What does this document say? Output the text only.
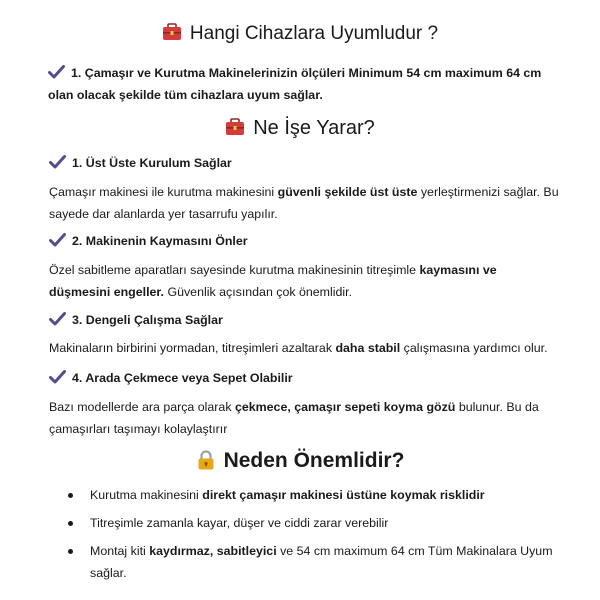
Hangi Cihazlara Uyumludur ?
1. Çamaşır ve Kurutma Makinelerinizin ölçüleri Minimum 54 cm maximum 64 cm olan olacak şekilde tüm cihazlara uyum sağlar.
Ne İşe Yarar?
1. Üst Üste Kurulum Sağlar
Çamaşır makinesi ile kurutma makinesini güvenli şekilde üst üste yerleştirmenizi sağlar. Bu sayede dar alanlarda yer tasarrufu yapılır.
2. Makinenin Kaymasını Önler
Özel sabitleme aparatları sayesinde kurutma makinesinin titreşimle kaymasını ve düşmesini engeller. Güvenlik açısından çok önemlidir.
3. Dengeli Çalışma Sağlar
Makinaların birbirini yormadan, titreşimleri azaltarak daha stabil çalışmasına yardımcı olur.
4. Arada Çekmece veya Sepet Olabilir
Bazı modellerde ara parça olarak çekmece, çamaşır sepeti koyma gözü bulunur. Bu da çamaşırları taşımayı kolaylaştırır
Neden Önemlidir?
Kurutma makinesini direkt çamaşır makinesi üstüne koymak risklidir
Titreşimle zamanla kayar, düşer ve ciddi zarar verebilir
Montaj kiti kaydırmaz, sabitleyici ve 54 cm maximum 64 cm Tüm Makinalara Uyum sağlar.
